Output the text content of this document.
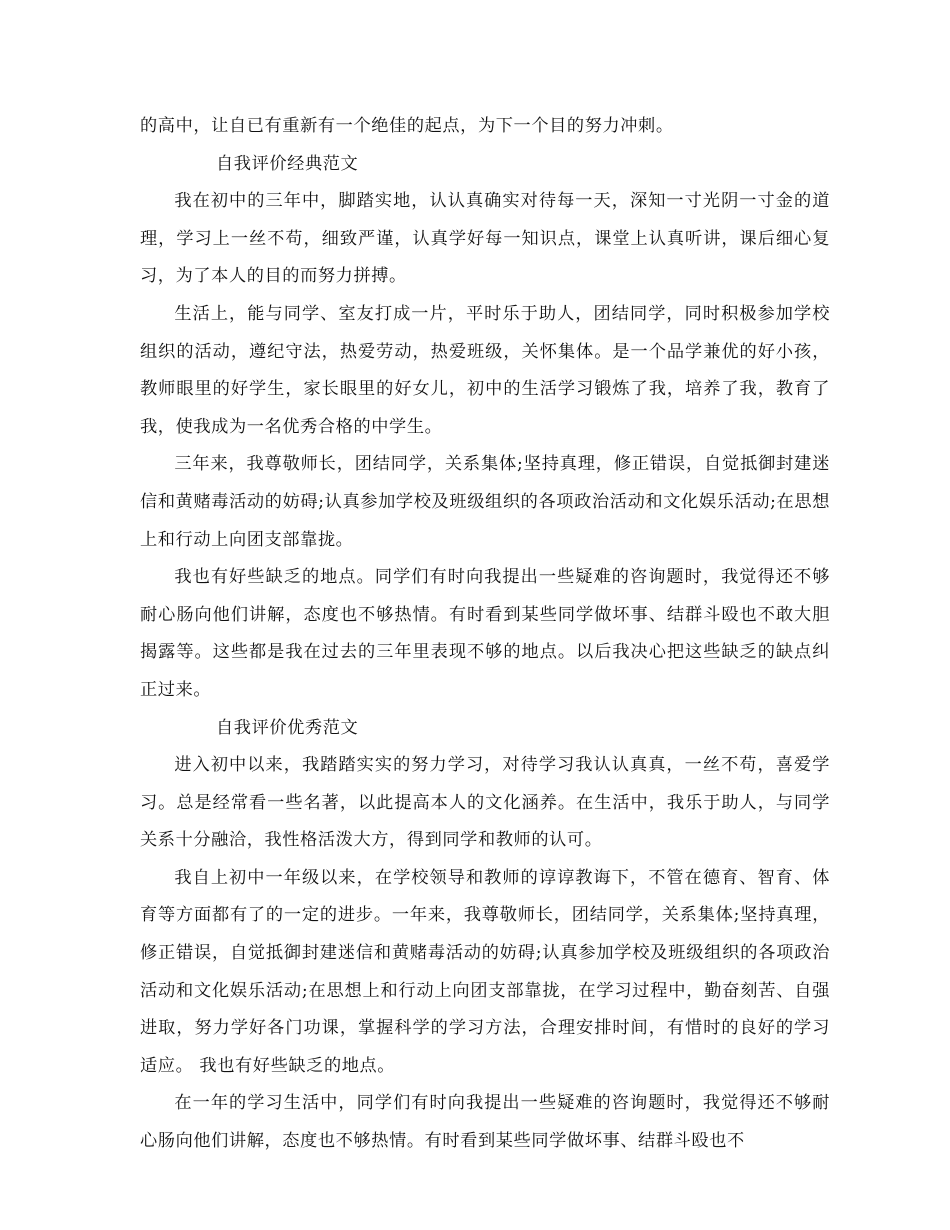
的高中，让自已有重新有一个绝佳的起点，为下一个目的努力冲刺。

自我评价经典范文

我在初中的三年中，脚踏实地，认认真确实对待每一天，深知一寸光阴一寸金的道理，学习上一丝不苟，细致严谨，认真学好每一知识点，课堂上认真听讲，课后细心复习，为了本人的目的而努力拼搏。

生活上，能与同学、室友打成一片，平时乐于助人，团结同学，同时积极参加学校组织的活动，遵纪守法，热爱劳动，热爱班级，关怀集体。是一个品学兼优的好小孩，教师眼里的好学生，家长眼里的好女儿，初中的生活学习锻炼了我，培养了我，教育了我，使我成为一名优秀合格的中学生。

三年来，我尊敬师长，团结同学，关系集体;坚持真理，修正错误，自觉抵御封建迷信和黄赌毒活动的妨碍;认真参加学校及班级组织的各项政治活动和文化娱乐活动;在思想上和行动上向团支部靠拢。

我也有好些缺乏的地点。同学们有时向我提出一些疑难的咨询题时，我觉得还不够耐心肠向他们讲解，态度也不够热情。有时看到某些同学做坏事、结群斗殴也不敢大胆揭露等。这些都是我在过去的三年里表现不够的地点。以后我决心把这些缺乏的缺点纠正过来。

自我评价优秀范文

进入初中以来，我踏踏实实的努力学习，对待学习我认认真真，一丝不苟，喜爱学习。总是经常看一些名著，以此提高本人的文化涵养。在生活中，我乐于助人，与同学关系十分融洽，我性格活泼大方，得到同学和教师的认可。

我自上初中一年级以来，在学校领导和教师的谆谆教诲下，不管在德育、智育、体育等方面都有了的一定的进步。一年来，我尊敬师长，团结同学，关系集体;坚持真理，修正错误，自觉抵御封建迷信和黄赌毒活动的妨碍;认真参加学校及班级组织的各项政治活动和文化娱乐活动;在思想上和行动上向团支部靠拢，在学习过程中，勤奋刻苦、自强进取，努力学好各门功课，掌握科学的学习方法，合理安排时间，有惜时的良好的学习适应。 我也有好些缺乏的地点。

在一年的学习生活中，同学们有时向我提出一些疑难的咨询题时，我觉得还不够耐心肠向他们讲解，态度也不够热情。有时看到某些同学做坏事、结群斗殴也不
